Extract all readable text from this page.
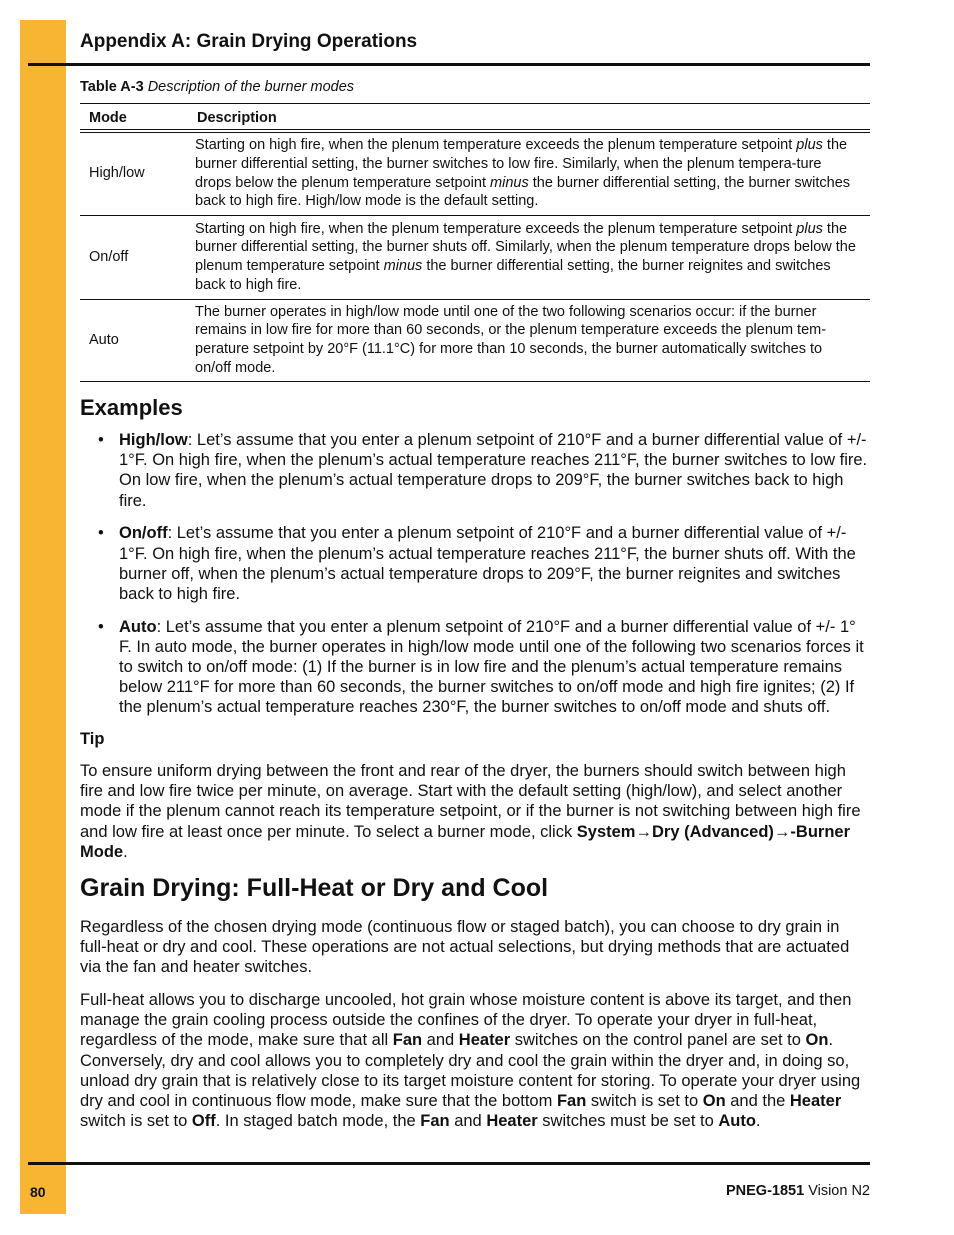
Appendix A: Grain Drying Operations
Table A-3 Description of the burner modes
Mode	Description
High/low	Starting on high fire, when the plenum temperature exceeds the plenum temperature setpoint plus the burner differential setting, the burner switches to low fire. Similarly, when the plenum tempera-ture drops below the plenum temperature setpoint minus the burner differential setting, the burner switches back to high fire. High/low mode is the default setting.
On/off	Starting on high fire, when the plenum temperature exceeds the plenum temperature setpoint plus the burner differential setting, the burner shuts off. Similarly, when the plenum temperature drops below the plenum temperature setpoint minus the burner differential setting, the burner reignites and switches back to high fire.
Auto	The burner operates in high/low mode until one of the two following scenarios occur: if the burner remains in low fire for more than 60 seconds, or the plenum temperature exceeds the plenum tem-perature setpoint by 20°F (11.1°C) for more than 10 seconds, the burner automatically switches to on/off mode.
Examples
• High/low: Let’s assume that you enter a plenum setpoint of 210°F and a burner differential value of +/- 1°F. On high fire, when the plenum’s actual temperature reaches 211°F, the burner switches to low fire. On low fire, when the plenum’s actual temperature drops to 209°F, the burner switches back to high fire.
• On/off: Let’s assume that you enter a plenum setpoint of 210°F and a burner differential value of +/- 1°F. On high fire, when the plenum’s actual temperature reaches 211°F, the burner shuts off. With the burner off, when the plenum’s actual temperature drops to 209°F, the burner reignites and switches back to high fire.
• Auto: Let’s assume that you enter a plenum setpoint of 210°F and a burner differential value of +/- 1° F. In auto mode, the burner operates in high/low mode until one of the following two scenarios forces it to switch to on/off mode: (1) If the burner is in low fire and the plenum’s actual temperature remains below 211°F for more than 60 seconds, the burner switches to on/off mode and high fire ignites; (2) If the plenum’s actual temperature reaches 230°F, the burner switches to on/off mode and shuts off.
Tip
To ensure uniform drying between the front and rear of the dryer, the burners should switch between high fire and low fire twice per minute, on average. Start with the default setting (high/low), and select another mode if the plenum cannot reach its temperature setpoint, or if the burner is not switching between high fire and low fire at least once per minute. To select a burner mode, click System→Dry (Advanced)→-Burner Mode.
Grain Drying: Full-Heat or Dry and Cool
Regardless of the chosen drying mode (continuous flow or staged batch), you can choose to dry grain in full-heat or dry and cool. These operations are not actual selections, but drying methods that are actuated via the fan and heater switches.
Full-heat allows you to discharge uncooled, hot grain whose moisture content is above its target, and then manage the grain cooling process outside the confines of the dryer. To operate your dryer in full-heat, regardless of the mode, make sure that all Fan and Heater switches on the control panel are set to On. Conversely, dry and cool allows you to completely dry and cool the grain within the dryer and, in doing so, unload dry grain that is relatively close to its target moisture content for storing. To operate your dryer using dry and cool in continuous flow mode, make sure that the bottom Fan switch is set to On and the Heater switch is set to Off. In staged batch mode, the Fan and Heater switches must be set to Auto.
80	PNEG-1851 Vision N2
